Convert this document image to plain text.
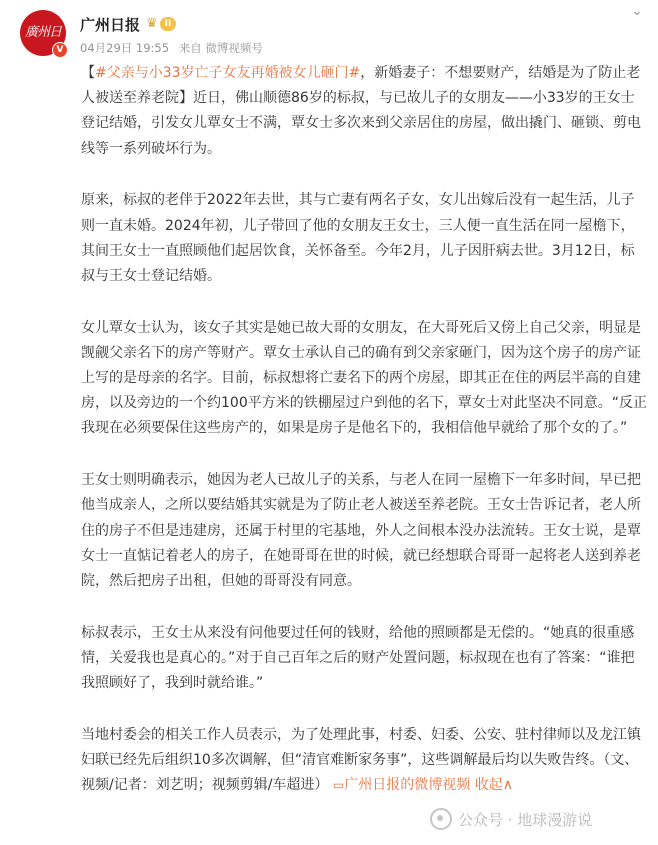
廣州日報
V
广州日报 ♛ II
04月29日 19:55 来自 微博视频号
⌄

【#父亲与小33岁亡子女友再婚被女儿砸门#，新婚妻子：不想要财产，结婚是为了防止老人被送至养老院】近日，佛山顺德86岁的标叔，与已故儿子的女朋友——小33岁的王女士登记结婚，引发女儿覃女士不满，覃女士多次来到父亲居住的房屋，做出撬门、砸锁、剪电线等一系列破坏行为。

原来，标叔的老伴于2022年去世，其与亡妻有两名子女，女儿出嫁后没有一起生活，儿子则一直未婚。2024年初，儿子带回了他的女朋友王女士，三人便一直生活在同一屋檐下，其间王女士一直照顾他们起居饮食，关怀备至。今年2月，儿子因肝病去世。3月12日，标叔与王女士登记结婚。

女儿覃女士认为，该女子其实是她已故大哥的女朋友，在大哥死后又傍上自己父亲，明显是觊觎父亲名下的房产等财产。覃女士承认自己的确有到父亲家砸门，因为这个房子的房产证上写的是母亲的名字。目前，标叔想将亡妻名下的两个房屋，即其正在住的两层半高的自建房，以及旁边的一个约100平方米的铁棚屋过户到他的名下，覃女士对此坚决不同意。“反正我现在必须要保住这些房产的，如果是房子是他名下的，我相信他早就给了那个女的了。”

王女士则明确表示，她因为老人已故儿子的关系，与老人在同一屋檐下一年多时间，早已把他当成亲人，之所以要结婚其实就是为了防止老人被送至养老院。王女士告诉记者，老人所住的房子不但是违建房，还属于村里的宅基地，外人之间根本没办法流转。王女士说，是覃女士一直惦记着老人的房子，在她哥哥在世的时候，就已经想联合哥哥一起将老人送到养老院，然后把房子出租，但她的哥哥没有同意。

标叔表示，王女士从来没有问他要过任何的钱财，给他的照顾都是无偿的。“她真的很重感情，关爱我也是真心的。”对于自己百年之后的财产处置问题，标叔现在也有了答案：“谁把我照顾好了，我到时就给谁。”

当地村委会的相关工作人员表示，为了处理此事，村委、妇委、公安、驻村律师以及龙江镇妇联已经先后组织10多次调解，但“清官难断家务事”，这些调解最后均以失败告终。（文、视频/记者：刘艺明；视频剪辑/车超进） ▭广州日报的微博视频 收起∧

公众号 · 地球漫游说
